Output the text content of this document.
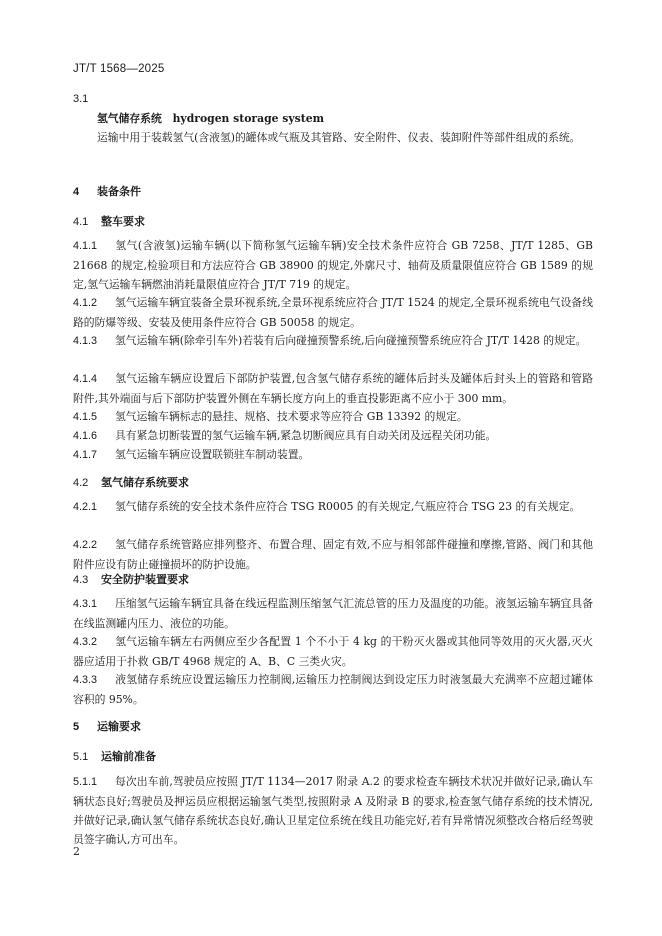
JT/T 1568—2025
3.1
氢气储存系统　hydrogen storage system
运输中用于装载氢气(含液氢)的罐体或气瓶及其管路、安全附件、仪表、装卸附件等部件组成的系统。
4 装备条件
4.1 整车要求
4.1.1 氢气(含液氢)运输车辆(以下简称氢气运输车辆)安全技术条件应符合 GB 7258、JT/T 1285、GB 21668 的规定,检验项目和方法应符合 GB 38900 的规定,外廓尺寸、轴荷及质量限值应符合 GB 1589 的规定,氢气运输车辆燃油消耗量限值应符合 JT/T 719 的规定。
4.1.2 氢气运输车辆宜装备全景环视系统,全景环视系统应符合 JT/T 1524 的规定,全景环视系统电气设备线路的防爆等级、安装及使用条件应符合 GB 50058 的规定。
4.1.3 氢气运输车辆(除牵引车外)若装有后向碰撞预警系统,后向碰撞预警系统应符合 JT/T 1428 的规定。
4.1.4 氢气运输车辆应设置后下部防护装置,包含氢气储存系统的罐体后封头及罐体后封头上的管路和管路附件,其外端面与后下部防护装置外侧在车辆长度方向上的垂直投影距离不应小于 300 mm。
4.1.5 氢气运输车辆标志的悬挂、规格、技术要求等应符合 GB 13392 的规定。
4.1.6 具有紧急切断装置的氢气运输车辆,紧急切断阀应具有自动关闭及远程关闭功能。
4.1.7 氢气运输车辆应设置联锁驻车制动装置。
4.2 氢气储存系统要求
4.2.1 氢气储存系统的安全技术条件应符合 TSG R0005 的有关规定,气瓶应符合 TSG 23 的有关规定。
4.2.2 氢气储存系统管路应排列整齐、布置合理、固定有效,不应与相邻部件碰撞和摩擦,管路、阀门和其他附件应设有防止碰撞损坏的防护设施。
4.3 安全防护装置要求
4.3.1 压缩氢气运输车辆宜具备在线远程监测压缩氢气汇流总管的压力及温度的功能。液氢运输车辆宜具备在线监测罐内压力、液位的功能。
4.3.2 氢气运输车辆左右两侧应至少各配置 1 个不小于 4 kg 的干粉灭火器或其他同等效用的灭火器,灭火器应适用于扑救 GB/T 4968 规定的 A、B、C 三类火灾。
4.3.3 液氢储存系统应设置运输压力控制阀,运输压力控制阀达到设定压力时液氢最大充满率不应超过罐体容积的 95%。
5 运输要求
5.1 运输前准备
5.1.1 每次出车前,驾驶员应按照 JT/T 1134—2017 附录 A.2 的要求检查车辆技术状况并做好记录,确认车辆状态良好;驾驶员及押运员应根据运输氢气类型,按照附录 A 及附录 B 的要求,检查氢气储存系统的技术情况,并做好记录,确认氢气储存系统状态良好,确认卫星定位系统在线且功能完好,若有异常情况须整改合格后经驾驶员签字确认,方可出车。
2
